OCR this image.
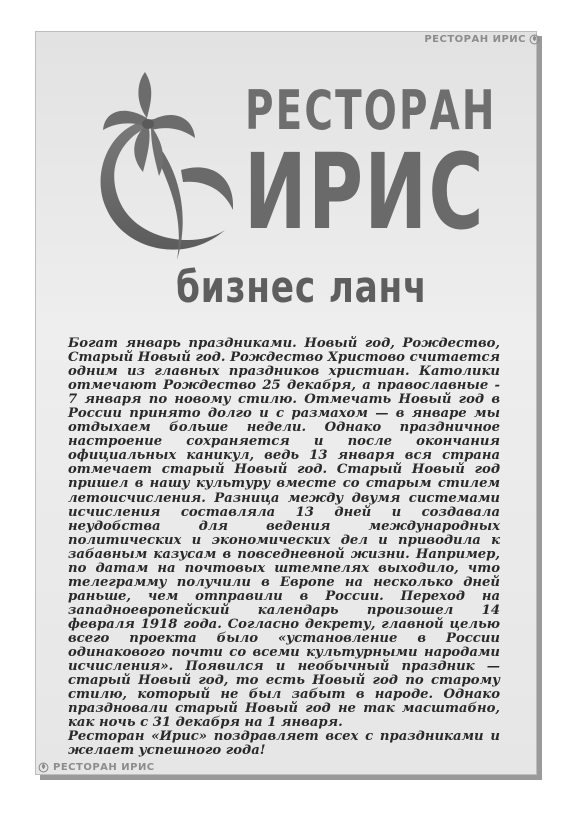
РЕСТОРАН ИРИС
РЕСТОРАН
ИРИС
бизнес ланч

Богат январь праздниками. Новый год, Рождество, Старый Новый год. Рождество Христово считается одним из главных праздников христиан. Католики отмечают Рождество 25 декабря, а православные - 7 января по новому стилю. Отмечать Новый год в России принято долго и с размахом — в январе мы отдыхаем больше недели. Однако праздничное настроение сохраняется и после окончания официальных каникул, ведь 13 января вся страна отмечает старый Новый год. Старый Новый год пришел в нашу культуру вместе со старым стилем летоисчисления. Разница между двумя системами исчисления составляла 13 дней и создавала неудобства для ведения международных политических и экономических дел и приводила к забавным казусам в повседневной жизни. Например, по датам на почтовых штемпелях выходило, что телеграмму получили в Европе на несколько дней раньше, чем отправили в России. Переход на западноевропейский календарь произошел 14 февраля 1918 года. Согласно декрету, главной целью всего проекта было «установление в России одинакового почти со всеми культурными народами исчисления». Появился и необычный праздник — старый Новый год, то есть Новый год по старому стилю, который не был забыт в народе. Однако праздновали старый Новый год не так масштабно, как ночь с 31 декабря на 1 января.

Ресторан «Ирис» поздравляет всех с праздниками и желает успешного года!

РЕСТОРАН ИРИС
